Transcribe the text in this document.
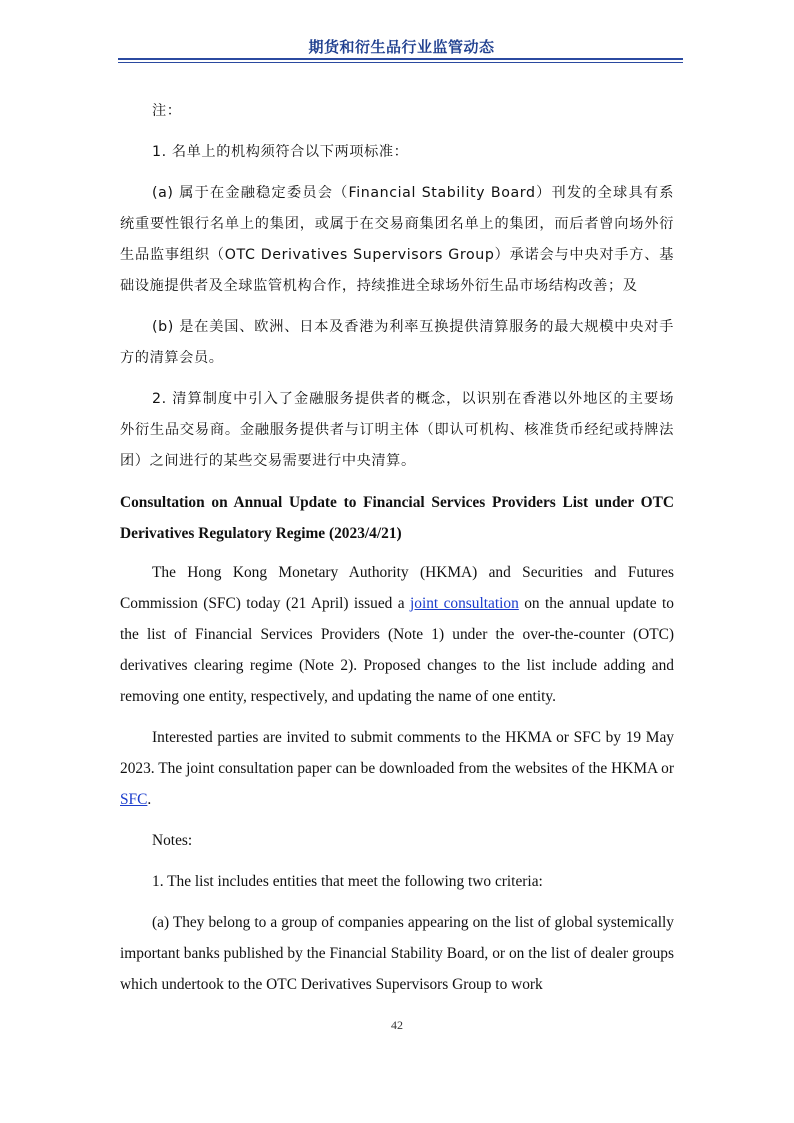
期货和衍生品行业监管动态

注：

1. 名单上的机构须符合以下两项标准：

(a) 属于在金融稳定委员会（Financial Stability Board）刊发的全球具有系统重要性银行名单上的集团，或属于在交易商集团名单上的集团，而后者曾向场外衍生品监事组织（OTC Derivatives Supervisors Group）承诺会与中央对手方、基础设施提供者及全球监管机构合作，持续推进全球场外衍生品市场结构改善；及

(b) 是在美国、欧洲、日本及香港为利率互换提供清算服务的最大规模中央对手方的清算会员。

2. 清算制度中引入了金融服务提供者的概念，以识别在香港以外地区的主要场外衍生品交易商。金融服务提供者与订明主体（即认可机构、核准货币经纪或持牌法团）之间进行的某些交易需要进行中央清算。

Consultation on Annual Update to Financial Services Providers List under OTC Derivatives Regulatory Regime (2023/4/21)

The Hong Kong Monetary Authority (HKMA) and Securities and Futures Commission (SFC) today (21 April) issued a joint consultation on the annual update to the list of Financial Services Providers (Note 1) under the over-the-counter (OTC) derivatives clearing regime (Note 2). Proposed changes to the list include adding and removing one entity, respectively, and updating the name of one entity.

Interested parties are invited to submit comments to the HKMA or SFC by 19 May 2023. The joint consultation paper can be downloaded from the websites of the HKMA or SFC.

Notes:

1. The list includes entities that meet the following two criteria:

(a) They belong to a group of companies appearing on the list of global systemically important banks published by the Financial Stability Board, or on the list of dealer groups which undertook to the OTC Derivatives Supervisors Group to work

42
